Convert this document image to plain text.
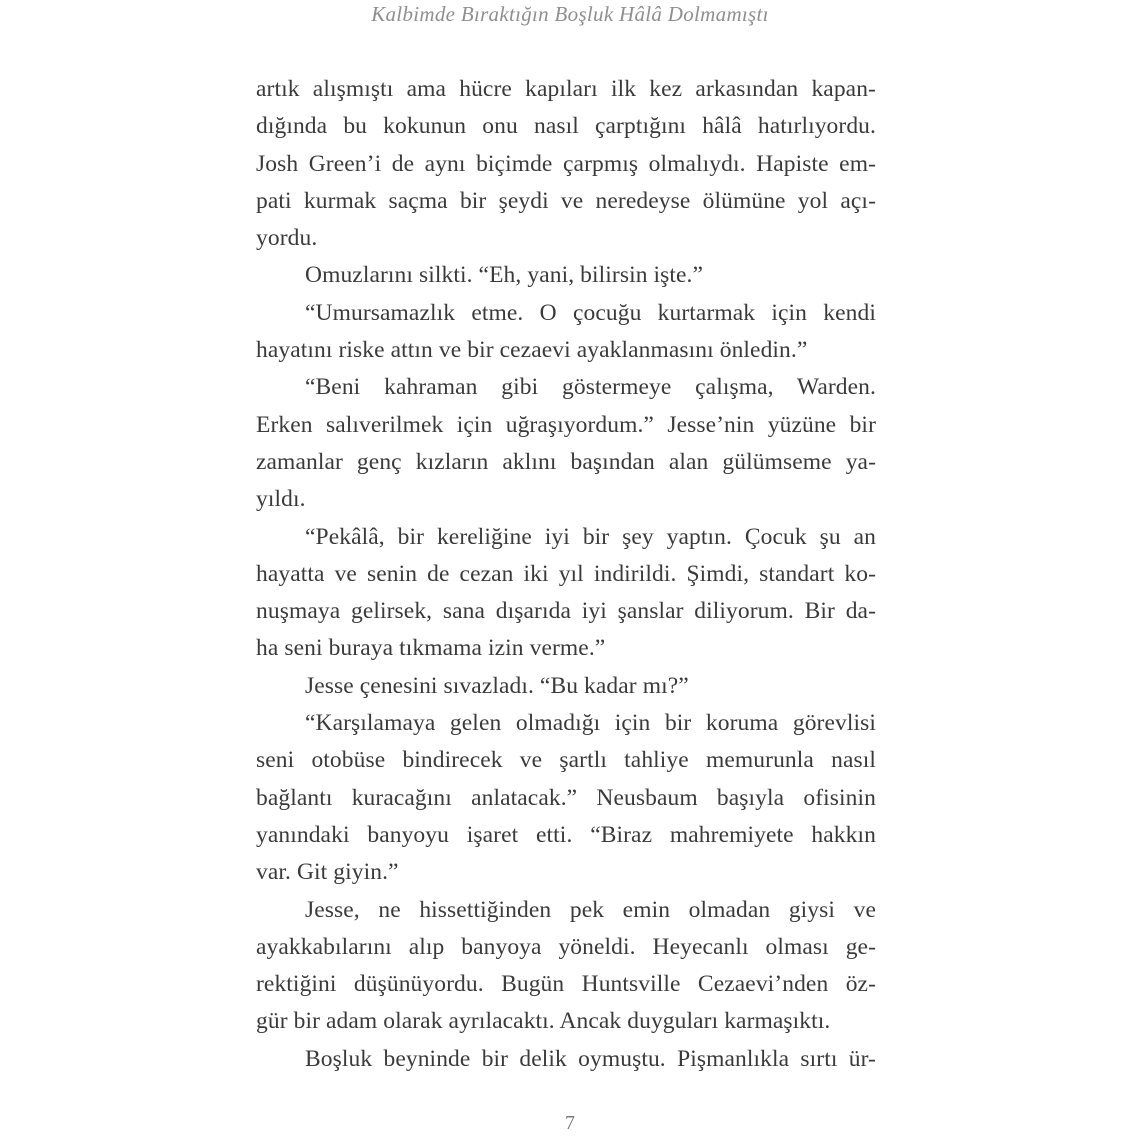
Kalbimde Bıraktığın Boşluk Hâlâ Dolmamıştı

artık alışmıştı ama hücre kapıları ilk kez arkasından kapan-
dığında bu kokunun onu nasıl çarptığını hâlâ hatırlıyordu.
Josh Green’i de aynı biçimde çarpmış olmalıydı. Hapiste em-
pati kurmak saçma bir şeydi ve neredeyse ölümüne yol açı-
yordu.

Omuzlarını silkti. “Eh, yani, bilirsin işte.”

“Umursamazlık etme. O çocuğu kurtarmak için kendi
hayatını riske attın ve bir cezaevi ayaklanmasını önledin.”

“Beni kahraman gibi göstermeye çalışma, Warden.
Erken salıverilmek için uğraşıyordum.” Jesse’nin yüzüne bir
zamanlar genç kızların aklını başından alan gülümseme ya-
yıldı.

“Pekâlâ, bir kereliğine iyi bir şey yaptın. Çocuk şu an
hayatta ve senin de cezan iki yıl indirildi. Şimdi, standart ko-
nuşmaya gelirsek, sana dışarıda iyi şanslar diliyorum. Bir da-
ha seni buraya tıkmama izin verme.”

Jesse çenesini sıvazladı. “Bu kadar mı?”

“Karşılamaya gelen olmadığı için bir koruma görevlisi
seni otobüse bindirecek ve şartlı tahliye memurunla nasıl
bağlantı kuracağını anlatacak.” Neusbaum başıyla ofisinin
yanındaki banyoyu işaret etti. “Biraz mahremiyete hakkın
var. Git giyin.”

Jesse, ne hissettiğinden pek emin olmadan giysi ve
ayakkabılarını alıp banyoya yöneldi. Heyecanlı olması ge-
rektiğini düşünüyordu. Bugün Huntsville Cezaevi’nden öz-
gür bir adam olarak ayrılacaktı. Ancak duyguları karmaşıktı.

Boşluk beyninde bir delik oymuştu. Pişmanlıkla sırtı ür-

7
